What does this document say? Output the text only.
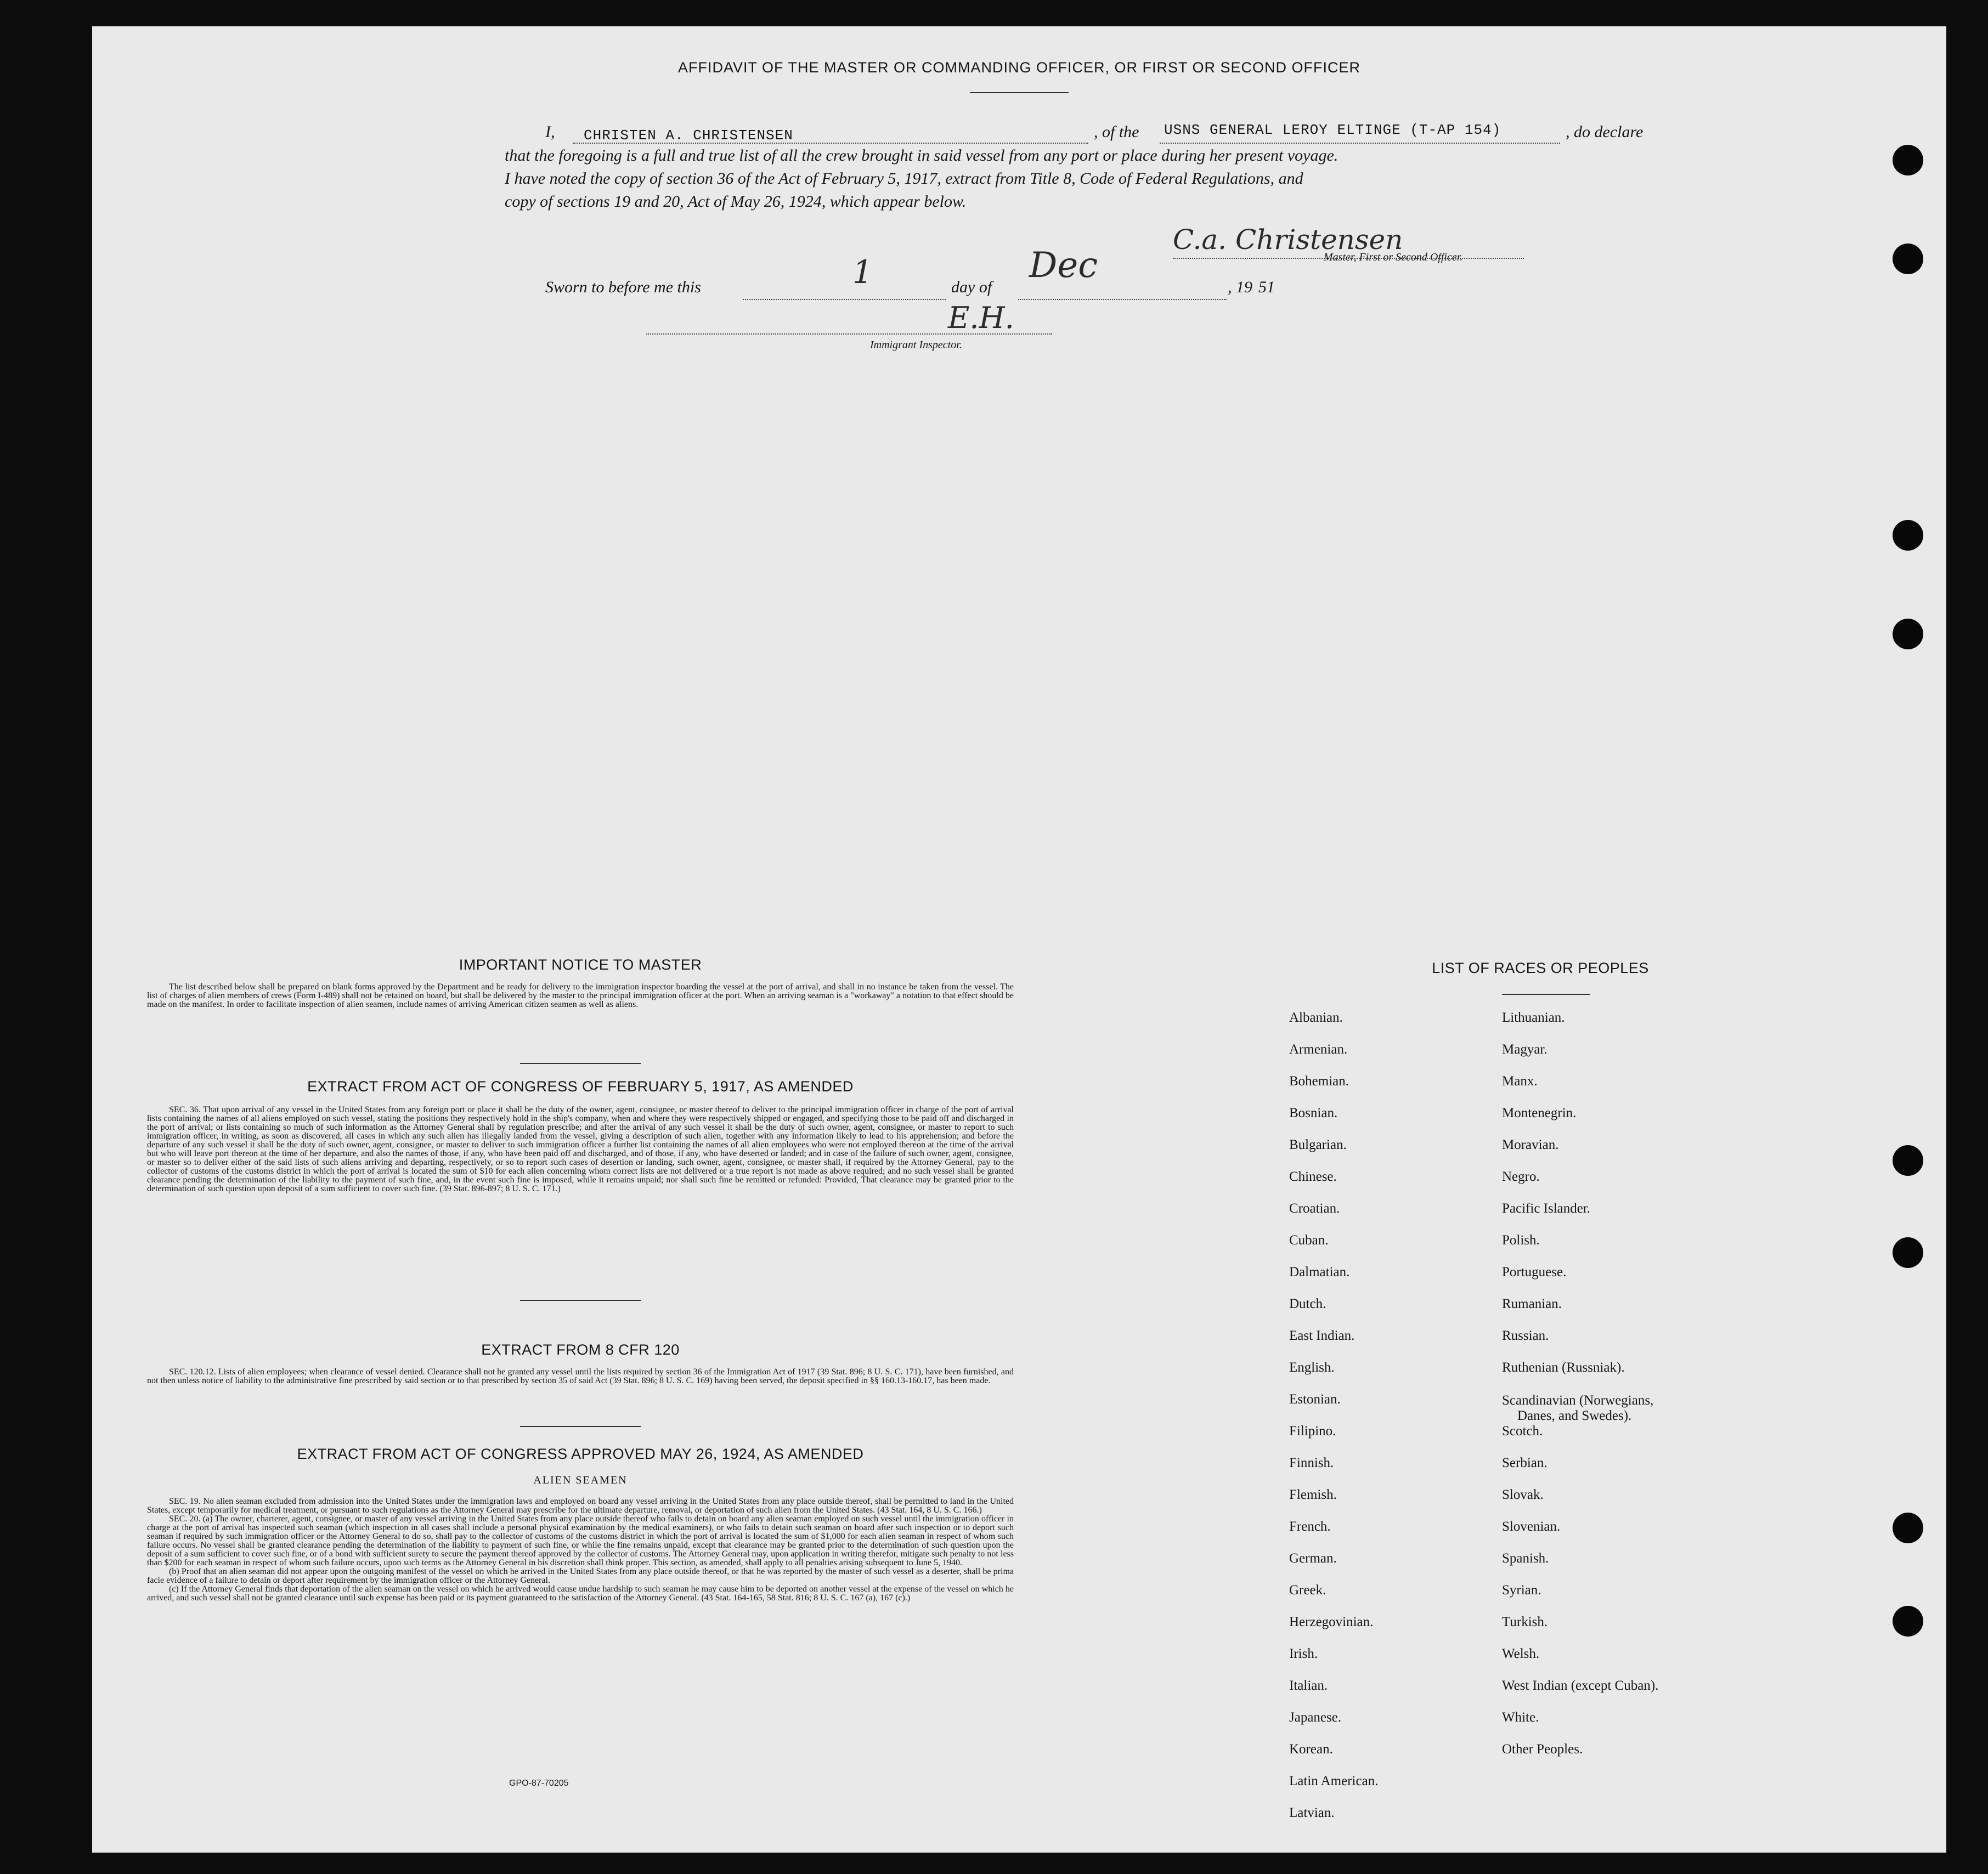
AFFIDAVIT OF THE MASTER OR COMMANDING OFFICER, OR FIRST OR SECOND OFFICER
I, CHRISTEN A. CHRISTENSEN	, of the USNS GENERAL LEROY ELTINGE (T-AP 154)	, do declare
that the foregoing is a full and true list of all the crew brought in said vessel from any port or place during her present voyage.
I have noted the copy of section 36 of the Act of February 5, 1917, extract from Title 8, Code of Federal Regulations, and
copy of sections 19 and 20, Act of May 26, 1924, which appear below.
C.a. Christensen
Master, First or Second Officer.
Sworn to before me this	1	day of
Dec
, 19 51
E.H.
Immigrant Inspector.
IMPORTANT NOTICE TO MASTER

The list described below shall be prepared on blank forms approved by the Department and be ready for delivery to the immigration inspector boarding the vessel at the port of arrival, and shall in no instance be taken from the vessel. The list of charges of alien members of crews (Form I-489) shall not be retained on board, but shall be delivered by the master to the principal immigration officer at the port. When an arriving seaman is a "workaway" a notation to that effect should be made on the manifest. In order to facilitate inspection of alien seamen, include names of arriving American citizen seamen as well as aliens.

EXTRACT FROM ACT OF CONGRESS OF FEBRUARY 5, 1917, AS AMENDED

SEC. 36. That upon arrival of any vessel in the United States from any foreign port or place it shall be the duty of the owner, agent, consignee, or master thereof to deliver to the principal immigration officer in charge of the port of arrival lists containing the names of all aliens employed on such vessel, stating the positions they respectively hold in the ship's company, when and where they were respectively shipped or engaged, and specifying those to be paid off and discharged in the port of arrival; or lists containing so much of such information as the Attorney General shall by regulation prescribe; and after the arrival of any such vessel it shall be the duty of such owner, agent, consignee, or master to report to such immigration officer, in writing, as soon as discovered, all cases in which any such alien has illegally landed from the vessel, giving a description of such alien, together with any information likely to lead to his apprehension; and before the departure of any such vessel it shall be the duty of such owner, agent, consignee, or master to deliver to such immigration officer a further list containing the names of all alien employees who were not employed thereon at the time of the arrival but who will leave port thereon at the time of her departure, and also the names of those, if any, who have been paid off and discharged, and of those, if any, who have deserted or landed; and in case of the failure of such owner, agent, consignee, or master so to deliver either of the said lists of such aliens arriving and departing, respectively, or so to report such cases of desertion or landing, such owner, agent, consignee, or master shall, if required by the Attorney General, pay to the collector of customs of the customs district in which the port of arrival is located the sum of $10 for each alien concerning whom correct lists are not delivered or a true report is not made as above required; and no such vessel shall be granted clearance pending the determination of the liability to the payment of such fine, and, in the event such fine is imposed, while it remains unpaid; nor shall such fine be remitted or refunded: Provided, That clearance may be granted prior to the determination of such question upon deposit of a sum sufficient to cover such fine. (39 Stat. 896-897; 8 U. S. C. 171.)

EXTRACT FROM 8 CFR 120

SEC. 120.12. Lists of alien employees; when clearance of vessel denied. Clearance shall not be granted any vessel until the lists required by section 36 of the Immigration Act of 1917 (39 Stat. 896; 8 U. S. C. 171), have been furnished, and not then unless notice of liability to the administrative fine prescribed by said section or to that prescribed by section 35 of said Act (39 Stat. 896; 8 U. S. C. 169) having been served, the deposit specified in §§ 160.13-160.17, has been made.

EXTRACT FROM ACT OF CONGRESS APPROVED MAY 26, 1924, AS AMENDED
ALIEN SEAMEN

SEC. 19. No alien seaman excluded from admission into the United States under the immigration laws and employed on board any vessel arriving in the United States from any place outside thereof, shall be permitted to land in the United States, except temporarily for medical treatment, or pursuant to such regulations as the Attorney General may prescribe for the ultimate departure, removal, or deportation of such alien from the United States. (43 Stat. 164, 8 U. S. C. 166.)

SEC. 20. (a) The owner, charterer, agent, consignee, or master of any vessel arriving in the United States from any place outside thereof who fails to detain on board any alien seaman employed on such vessel until the immigration officer in charge at the port of arrival has inspected such seaman (which inspection in all cases shall include a personal physical examination by the medical examiners), or who fails to detain such seaman on board after such inspection or to deport such seaman if required by such immigration officer or the Attorney General to do so, shall pay to the collector of customs of the customs district in which the port of arrival is located the sum of $1,000 for each alien seaman in respect of whom such failure occurs. No vessel shall be granted clearance pending the determination of the liability to payment of such fine, or while the fine remains unpaid, except that clearance may be granted prior to the determination of such question upon the deposit of a sum sufficient to cover such fine, or of a bond with sufficient surety to secure the payment thereof approved by the collector of customs. The Attorney General may, upon application in writing therefor, mitigate such penalty to not less than $200 for each seaman in respect of whom such failure occurs, upon such terms as the Attorney General in his discretion shall think proper. This section, as amended, shall apply to all penalties arising subsequent to June 5, 1940.

(b) Proof that an alien seaman did not appear upon the outgoing manifest of the vessel on which he arrived in the United States from any place outside thereof, or that he was reported by the master of such vessel as a deserter, shall be prima facie evidence of a failure to detain or deport after requirement by the immigration officer or the Attorney General.

(c) If the Attorney General finds that deportation of the alien seaman on the vessel on which he arrived would cause undue hardship to such seaman he may cause him to be deported on another vessel at the expense of the vessel on which he arrived, and such vessel shall not be granted clearance until such expense has been paid or its payment guaranteed to the satisfaction of the Attorney General. (43 Stat. 164-165, 58 Stat. 816; 8 U. S. C. 167 (a), 167 (c).)

GPO-87-70205
LIST OF RACES OR PEOPLES
Albanian.
Armenian.
Bohemian.
Bosnian.
Bulgarian.
Chinese.
Croatian.
Cuban.
Dalmatian.
Dutch.
East Indian.
English.
Estonian.
Filipino.
Finnish.
Flemish.
French.
German.
Greek.
Herzegovinian.
Irish.
Italian.
Japanese.
Korean.
Latin American.
Latvian.
Lithuanian.
Magyar.
Manx.
Montenegrin.
Moravian.
Negro.
Pacific Islander.
Polish.
Portuguese.
Rumanian.
Russian.
Ruthenian (Russniak).
Scandinavian (Norwegians,
Danes, and Swedes).
Scotch.
Serbian.
Slovak.
Slovenian.
Spanish.
Syrian.
Turkish.
Welsh.
West Indian (except Cuban).
White.
Other Peoples.
